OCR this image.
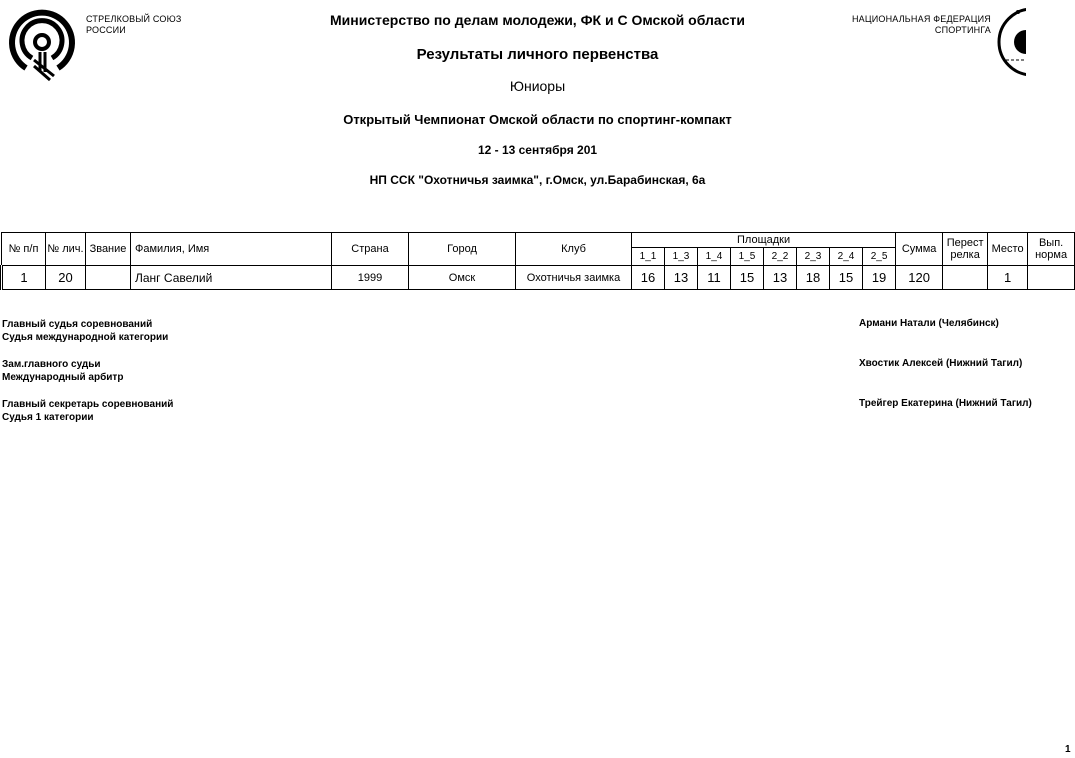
СТРЕЛКОВЫЙ СОЮЗ
РОССИИ
НАЦИОНАЛЬНАЯ ФЕДЕРАЦИЯ
СПОРТИНГА
Министерство по делам молодежи, ФК и С Омской области
Результаты личного первенства
Юниоры
Открытый Чемпионат Омской области по спортинг-компакт
12 - 13 сентября 201
НП ССК "Охотничья заимка", г.Омск, ул.Барабинская, 6а
№ п/п	№ лич.	Звание	Фамилия, Имя	Страна	Город	Клуб	Площадки								Сумма	Перест релка	Место	Вып. норма
							1_1	1_3	1_4	1_5	2_2	2_3	2_4	2_5				
1	20		Ланг Савелий	1999	Омск	Охотничья заимка	16	13	11	15	13	18	15	19	120		1	
Главный судья соревнований
Судья международной категории
Армани Натали (Челябинск)
Зам.главного судьи
Международный арбитр
Хвостик Алексей (Нижний Тагил)
Главный секретарь соревнований
Судья 1 категории
Трейгер Екатерина (Нижний Тагил)
1
